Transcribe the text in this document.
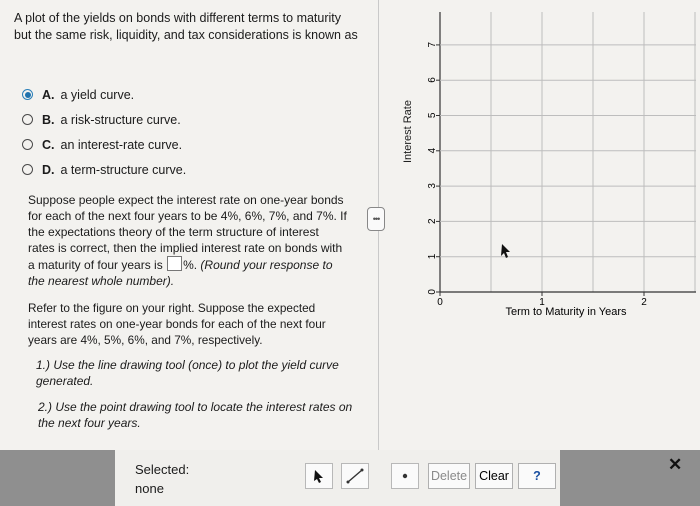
A plot of the yields on bonds with different terms to maturity but the same risk, liquidity, and tax considerations is known as
A. a yield curve.
B. a risk-structure curve.
C. an interest-rate curve.
D. a term-structure curve.
Suppose people expect the interest rate on one-year bonds for each of the next four years to be 4%, 6%, 7%, and 7%. If the expectations theory of the term structure of interest rates is correct, then the implied interest rate on bonds with a maturity of four years is %. (Round your response to the nearest whole number).
Refer to the figure on your right. Suppose the expected interest rates on one-year bonds for each of the next four years are 4%, 5%, 6%, and 7%, respectively.
1.) Use the line drawing tool (once) to plot the yield curve generated.
2.) Use the point drawing tool to locate the interest rates on the next four years.
•••
Interest Rate
0
1
2
3
4
5
6
7
0	1	2
Term to Maturity in Years
Selected:
none
Delete Clear	?
✕
